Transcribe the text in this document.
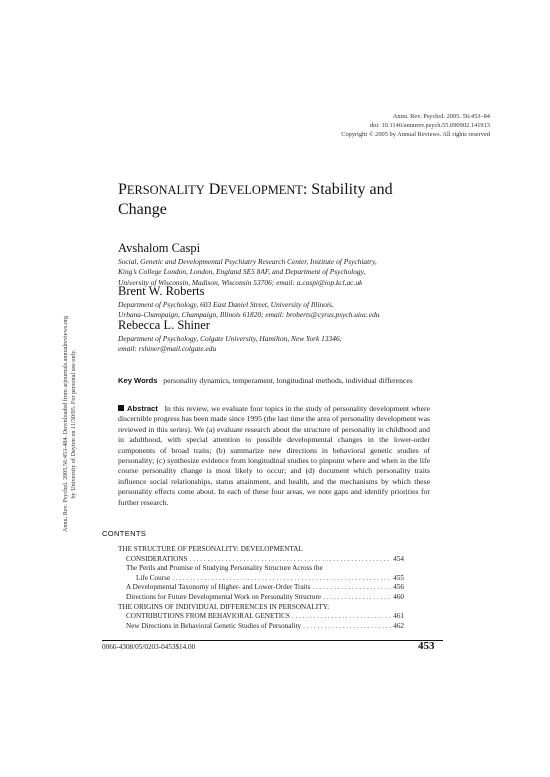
Annu. Rev. Psychol. 2005. 56:453–84
doi: 10.1146/annurev.psych.55.090902.141913
Copyright © 2005 by Annual Reviews. All rights reserved
PERSONALITY DEVELOPMENT: Stability and
Change
Avshalom Caspi
Social, Genetic and Developmental Psychiatry Research Center, Institute of Psychiatry,
King’s College London, London, England SE5 8AF, and Department of Psychology,
University of Wisconsin, Madison, Wisconsin 53706; email: a.caspi@iop.kcl.ac.uk
Brent W. Roberts
Department of Psychology, 603 East Daniel Street, University of Illinois,
Urbana-Champaign, Champaign, Illinois 61820; email: broberts@cyrus.psych.uiuc.edu
Rebecca L. Shiner
Department of Psychology, Colgate University, Hamilton, New York 13346;
email: rshiner@mail.colgate.edu
Annu. Rev. Psychol. 2005.56:453-484. Downloaded from arjournals.annualreviews.org by University of Dayton on 11/30/05. For personal use only.	Key Words personality dynamics, temperament, longitudinal methods, individual differences
Abstract In this review, we evaluate four topics in the study of personality development where discernible progress has been made since 1995 (the last time the area of personality development was reviewed in this series). We (a) evaluate research about the structure of personality in childhood and in adulthood, with special attention to possible developmental changes in the lower-order components of broad traits; (b) summarize new directions in behavioral genetic studies of personality; (c) synthesize evidence from longitudinal studies to pinpoint where and when in the life course personality change is most likely to occur; and (d) document which personality traits influence social relationships, status attainment, and health, and the mechanisms by which these personality effects come about. In each of these four areas, we note gaps and identify priorities for further research.
CONTENTS
THE STRUCTURE OF PERSONALITY: DEVELOPMENTAL
CONSIDERATIONS . . .	454
The Perils and Promise of Studying Personality Structure Across the
Life Course . . .	455
A Developmental Taxonomy of Higher- and Lower-Order Traits . . .	456
Directions for Future Developmental Work on Personality Structure . . .	460
THE ORIGINS OF INDIVIDUAL DIFFERENCES IN PERSONALITY:
CONTRIBUTIONS FROM BEHAVIORAL GENETICS . . .	461
New Directions in Behavioral Genetic Studies of Personality . . .	462
0066-4308/05/0203-0453$14.00	453
